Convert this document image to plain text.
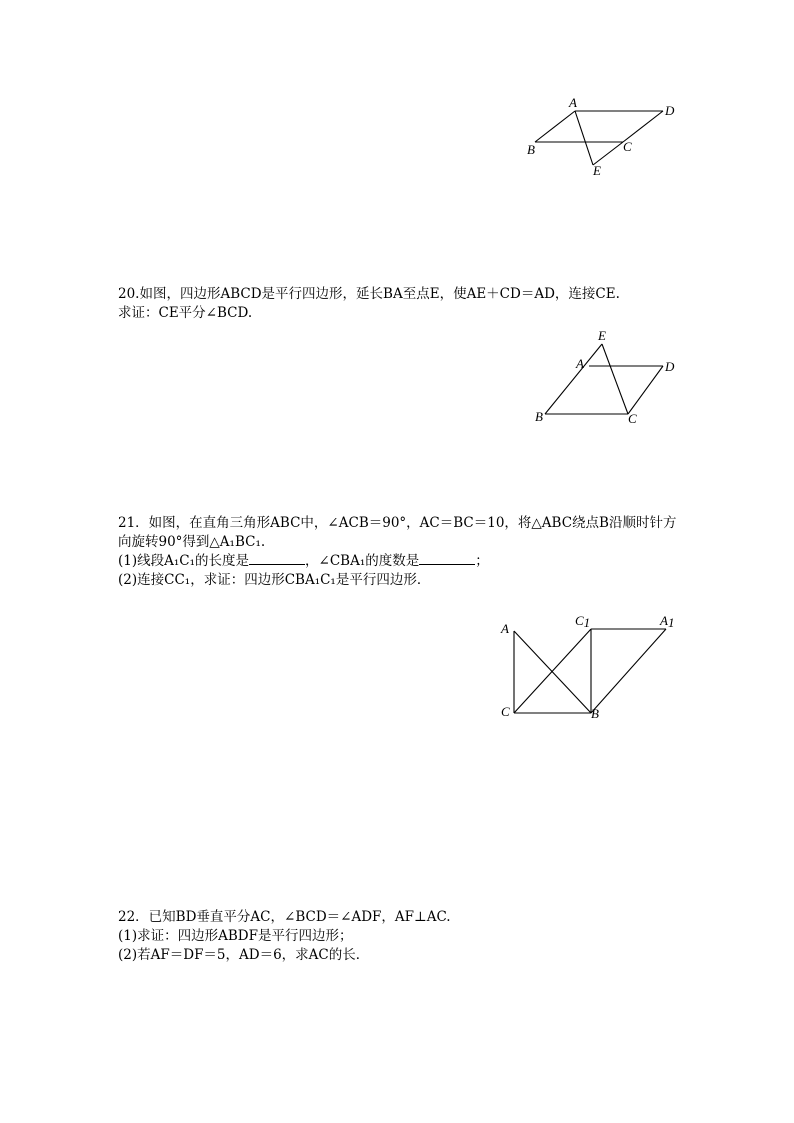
A
D
B	C
E

20.如图，四边形ABCD是平行四边形，延长BA至点E，使AE＋CD＝AD，连接CE.

求证：CE平分∠BCD.

E
A	D
B	C

21．如图，在直角三角形ABC中，∠ACB＝90°，AC＝BC＝10，将△ABC绕点B沿顺时针方

向旋转90°得到△A₁BC₁.

(1)线段A₁C₁的长度是	，∠CBA₁的度数是	；

(2)连接CC₁，求证：四边形CBA₁C₁是平行四边形．

A
C	B
C1	A1

22．已知BD垂直平分AC，∠BCD＝∠ADF，AF⊥AC.

(1)求证：四边形ABDF是平行四边形；

(2)若AF＝DF＝5，AD＝6，求AC的长．
